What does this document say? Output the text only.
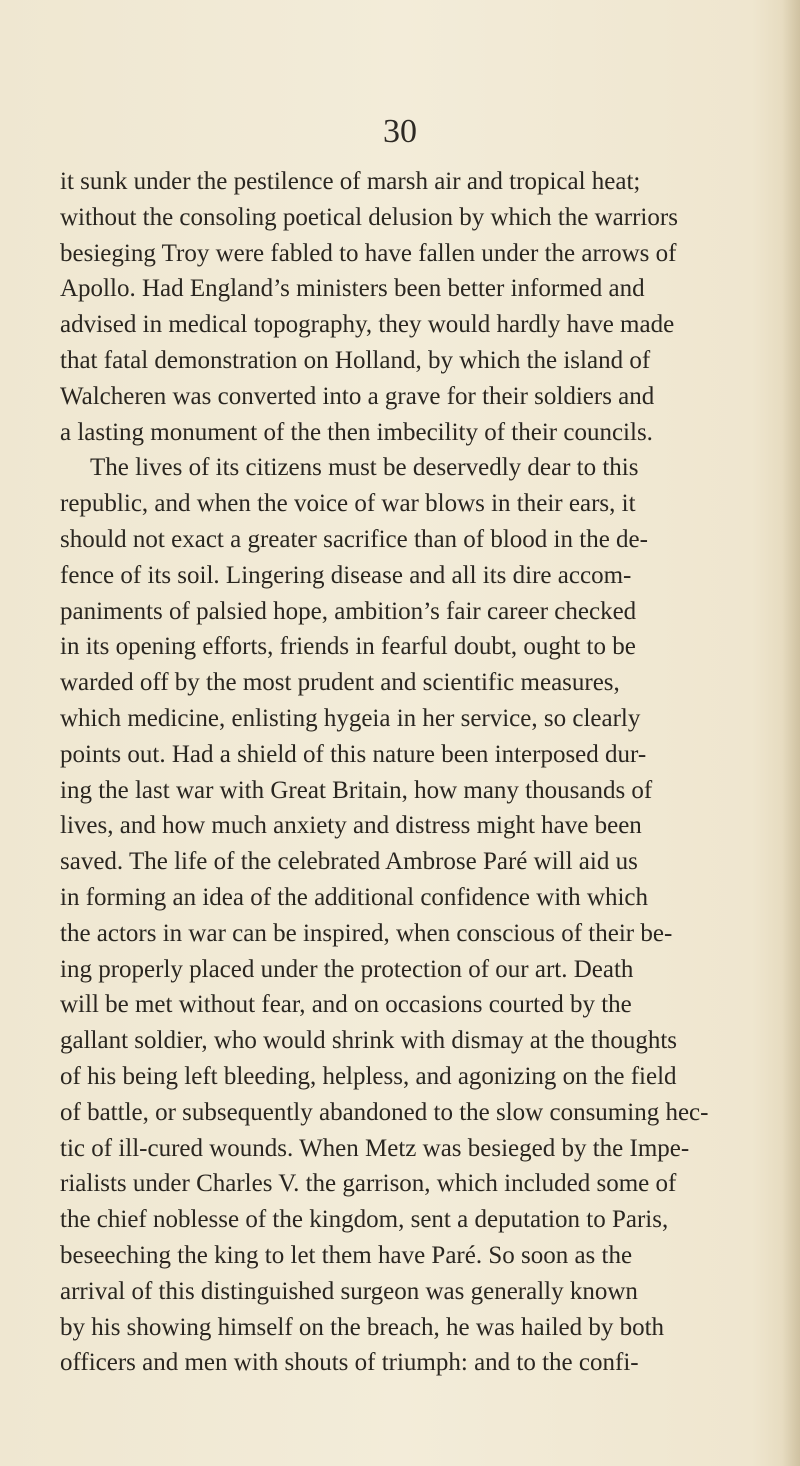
30
it sunk under the pestilence of marsh air and tropical heat;
without the consoling poetical delusion by which the warriors
besieging Troy were fabled to have fallen under the arrows of
Apollo. Had England’s ministers been better informed and
advised in medical topography, they would hardly have made
that fatal demonstration on Holland, by which the island of
Walcheren was converted into a grave for their soldiers and
a lasting monument of the then imbecility of their councils.
The lives of its citizens must be deservedly dear to this
republic, and when the voice of war blows in their ears, it
should not exact a greater sacrifice than of blood in the de-
fence of its soil. Lingering disease and all its dire accom-
paniments of palsied hope, ambition’s fair career checked
in its opening efforts, friends in fearful doubt, ought to be
warded off by the most prudent and scientific measures,
which medicine, enlisting hygeia in her service, so clearly
points out. Had a shield of this nature been interposed dur-
ing the last war with Great Britain, how many thousands of
lives, and how much anxiety and distress might have been
saved. The life of the celebrated Ambrose Paré will aid us
in forming an idea of the additional confidence with which
the actors in war can be inspired, when conscious of their be-
ing properly placed under the protection of our art. Death
will be met without fear, and on occasions courted by the
gallant soldier, who would shrink with dismay at the thoughts
of his being left bleeding, helpless, and agonizing on the field
of battle, or subsequently abandoned to the slow consuming hec-
tic of ill-cured wounds. When Metz was besieged by the Impe-
rialists under Charles V. the garrison, which included some of
the chief noblesse of the kingdom, sent a deputation to Paris,
beseeching the king to let them have Paré. So soon as the
arrival of this distinguished surgeon was generally known
by his showing himself on the breach, he was hailed by both
officers and men with shouts of triumph: and to the confi-
